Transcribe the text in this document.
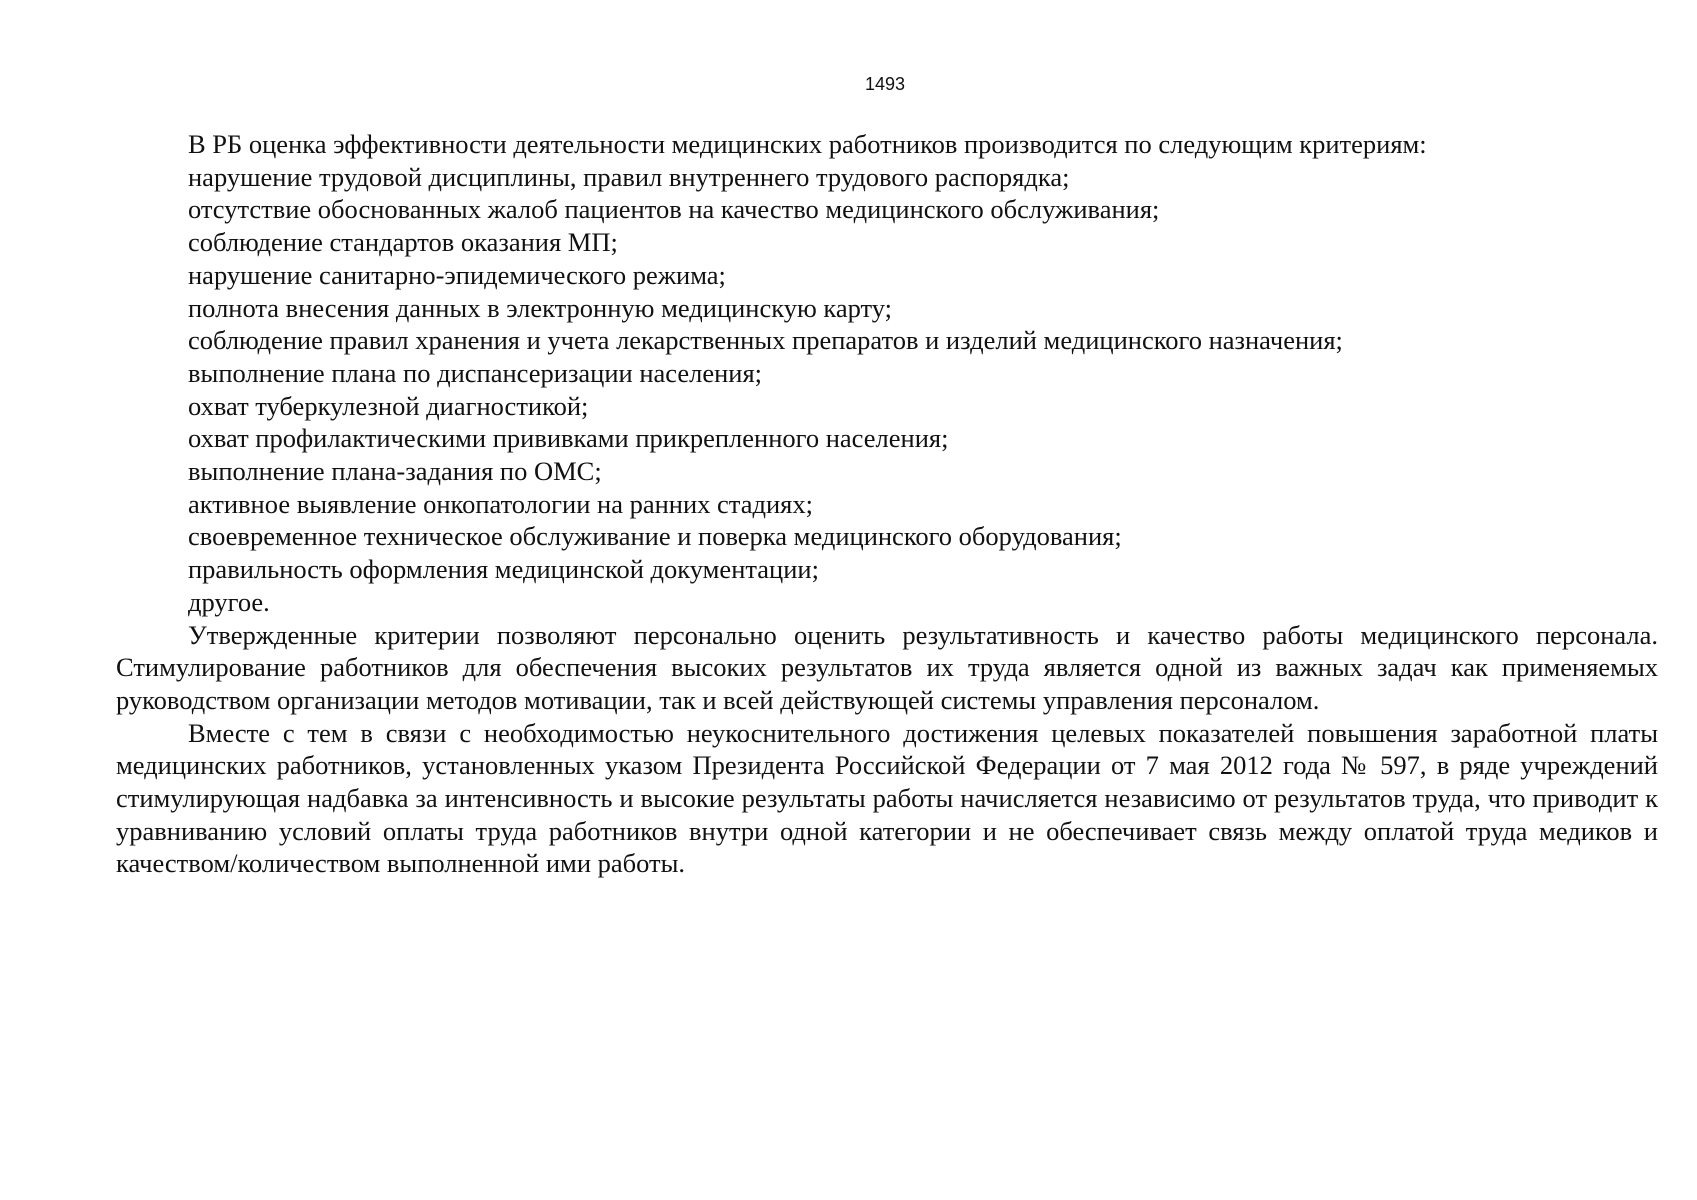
1493

В РБ оценка эффективности деятельности медицинских работников производится по следующим критериям:

нарушение трудовой дисциплины, правил внутреннего трудового распорядка;
отсутствие обоснованных жалоб пациентов на качество медицинского обслуживания;
соблюдение стандартов оказания МП;
нарушение санитарно-эпидемического режима;
полнота внесения данных в электронную медицинскую карту;
соблюдение правил хранения и учета лекарственных препаратов и изделий медицинского назначения;
выполнение плана по диспансеризации населения;
охват туберкулезной диагностикой;
охват профилактическими прививками прикрепленного населения;
выполнение плана-задания по ОМС;
активное выявление онкопатологии на ранних стадиях;
своевременное техническое обслуживание и поверка медицинского оборудования;
правильность оформления медицинской документации;
другое.

Утвержденные критерии позволяют персонально оценить результативность и качество работы медицинского персонала. Стимулирование работников для обеспечения высоких результатов их труда является одной из важных задач как применяемых руководством организации методов мотивации, так и всей действующей системы управления персоналом.

Вместе с тем в связи с необходимостью неукоснительного достижения целевых показателей повышения заработной платы медицинских работников, установленных указом Президента Российской Федерации от 7 мая 2012 года № 597, в ряде учреждений стимулирующая надбавка за интенсивность и высокие результаты работы начисляется независимо от результатов труда, что приводит к уравниванию условий оплаты труда работников внутри одной категории и не обеспечивает связь между оплатой труда медиков и качеством/количеством выполненной ими работы.
